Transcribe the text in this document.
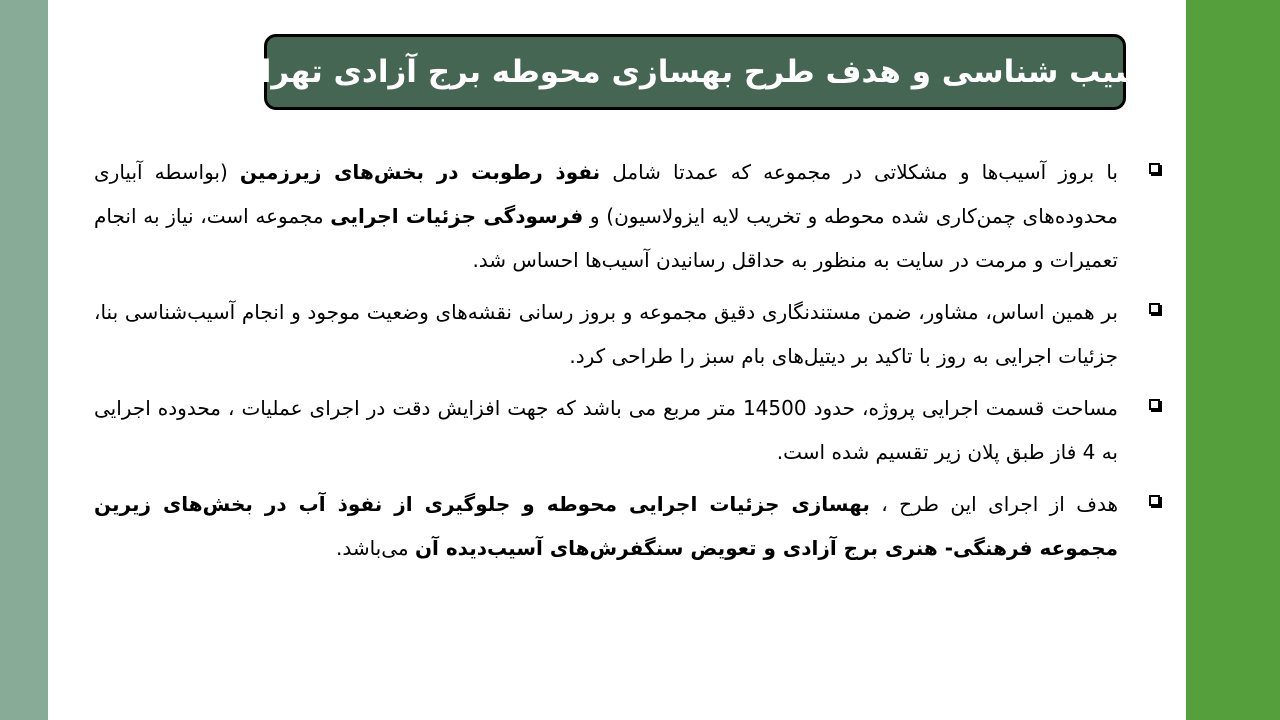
آسیب شناسی و هدف طرح بهسازی محوطه برج آزادی تهران
با بروز آسیب‌ها و مشکلاتی در مجموعه که عمدتا شامل نفوذ رطوبت در بخش‌های زیرزمین (بواسطه آبیاری محدوده‌های چمن‌کاری شده محوطه و تخریب لایه ایزولاسیون) و فرسودگی جزئیات اجرایی مجموعه است، نیاز به انجام تعمیرات و مرمت در سایت به منظور به حداقل رسانیدن آسیب‌ها احساس شد.
بر همین اساس، مشاور، ضمن مستندنگاری دقیق مجموعه و بروز رسانی نقشه‌های وضعیت موجود و انجام آسیب‌شناسی بنا، جزئیات اجرایی به روز با تاکید بر دیتیل‌های بام سبز را طراحی کرد.
مساحت قسمت اجرایی پروژه، حدود 14500 متر مربع می باشد که جهت افزایش دقت در اجرای عملیات ، محدوده اجرایی به 4 فاز طبق پلان زیر تقسیم شده است.
هدف از اجرای این طرح ، بهسازی جزئیات اجرایی محوطه و جلوگیری از نفوذ آب در بخش‌های زیرین مجموعه فرهنگی- هنری برج آزادی و تعویض سنگفرش‌های آسیب‌دیده آن می‌باشد.
